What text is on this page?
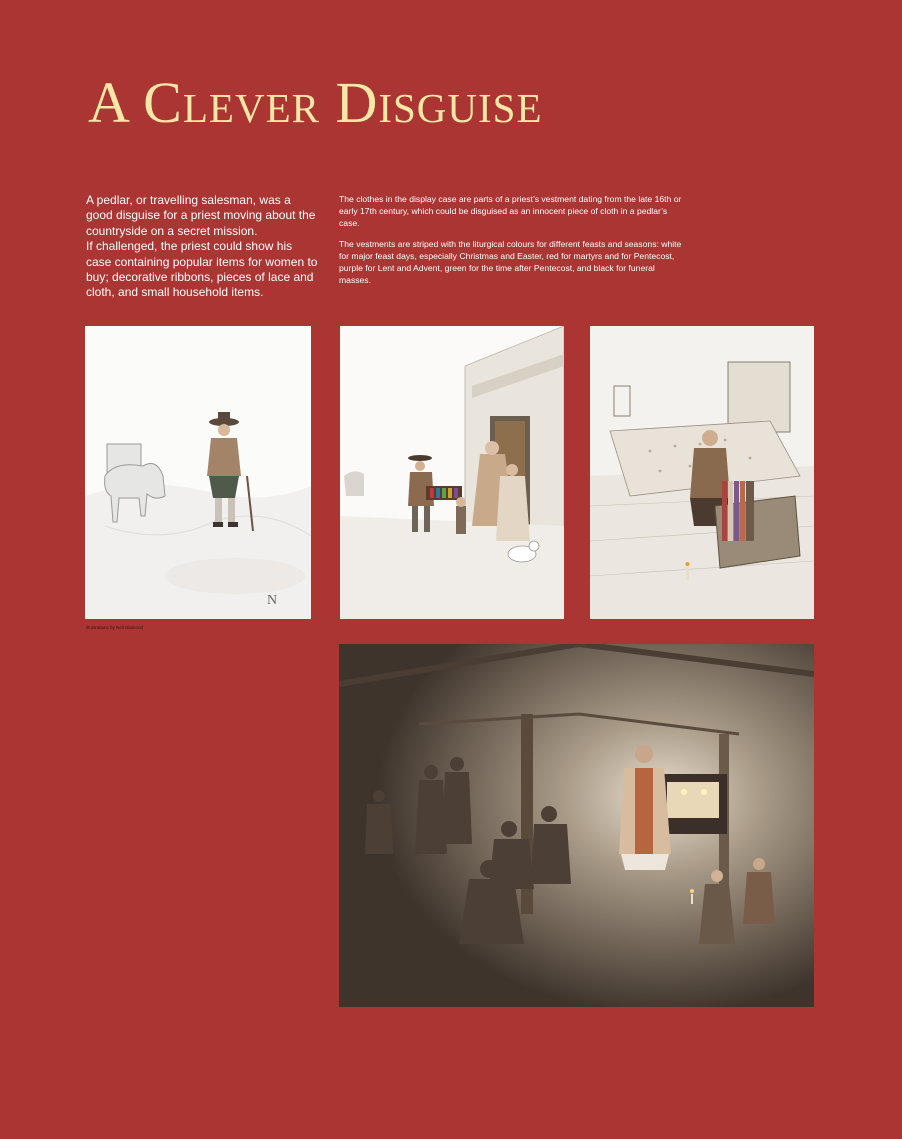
A Clever Disguise

A pedlar, or travelling salesman, was a good disguise for a priest moving about the countryside on a secret mission.

If challenged, the priest could show his case containing popular items for women to buy; decorative ribbons, pieces of lace and cloth, and small household items.

The clothes in the display case are parts of a priest’s vestment dating from the late 16th or early 17th century, which could be disguised as an innocent piece of cloth in a pedlar’s case.

The vestments are striped with the liturgical colours for different feasts and seasons: white for major feast days, especially Christmas and Easter, red for martyrs and for Pentecost, purple for Lent and Advent, green for the time after Pentecost, and black for funeral masses.

N
Illustrations by Neil Diamond
